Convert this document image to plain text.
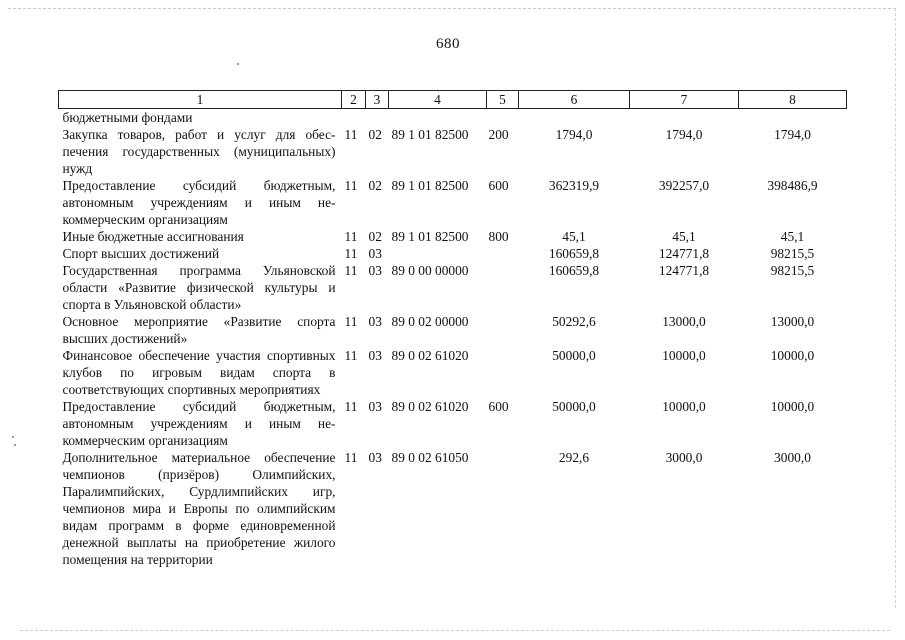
680
1	2	3	4	5	6	7	8
бюджетными фондами							
Закупка товаров, работ и услуг для обеспечения государственных (муниципальных) нужд	11	02	89 1 01 82500	200	1794,0	1794,0	1794,0
Предоставление субсидий бюджетным, автономным учреждениям и иным некоммерческим организациям	11	02	89 1 01 82500	600	362319,9	392257,0	398486,9
Иные бюджетные ассигнования	11	02	89 1 01 82500	800	45,1	45,1	45,1
Спорт высших достижений	11	03			160659,8	124771,8	98215,5
Государственная программа Ульяновской области «Развитие физической культуры и спорта в Ульяновской области»	11	03	89 0 00 00000		160659,8	124771,8	98215,5
Основное мероприятие «Развитие спорта высших достижений»	11	03	89 0 02 00000		50292,6	13000,0	13000,0
Финансовое обеспечение участия спортивных клубов по игровым видам спорта в соответствующих спортивных мероприятиях	11	03	89 0 02 61020		50000,0	10000,0	10000,0
Предоставление субсидий бюджетным, автономным учреждениям и иным некоммерческим организациям	11	03	89 0 02 61020	600	50000,0	10000,0	10000,0
Дополнительное материальное обеспечение чемпионов (призёров) Олимпийских, Паралимпийских, Сурдлимпийских игр, чемпионов мира и Европы по олимпийским видам программ в форме единовременной денежной выплаты на приобретение жилого помещения на территории	11	03	89 0 02 61050		292,6	3000,0	3000,0
